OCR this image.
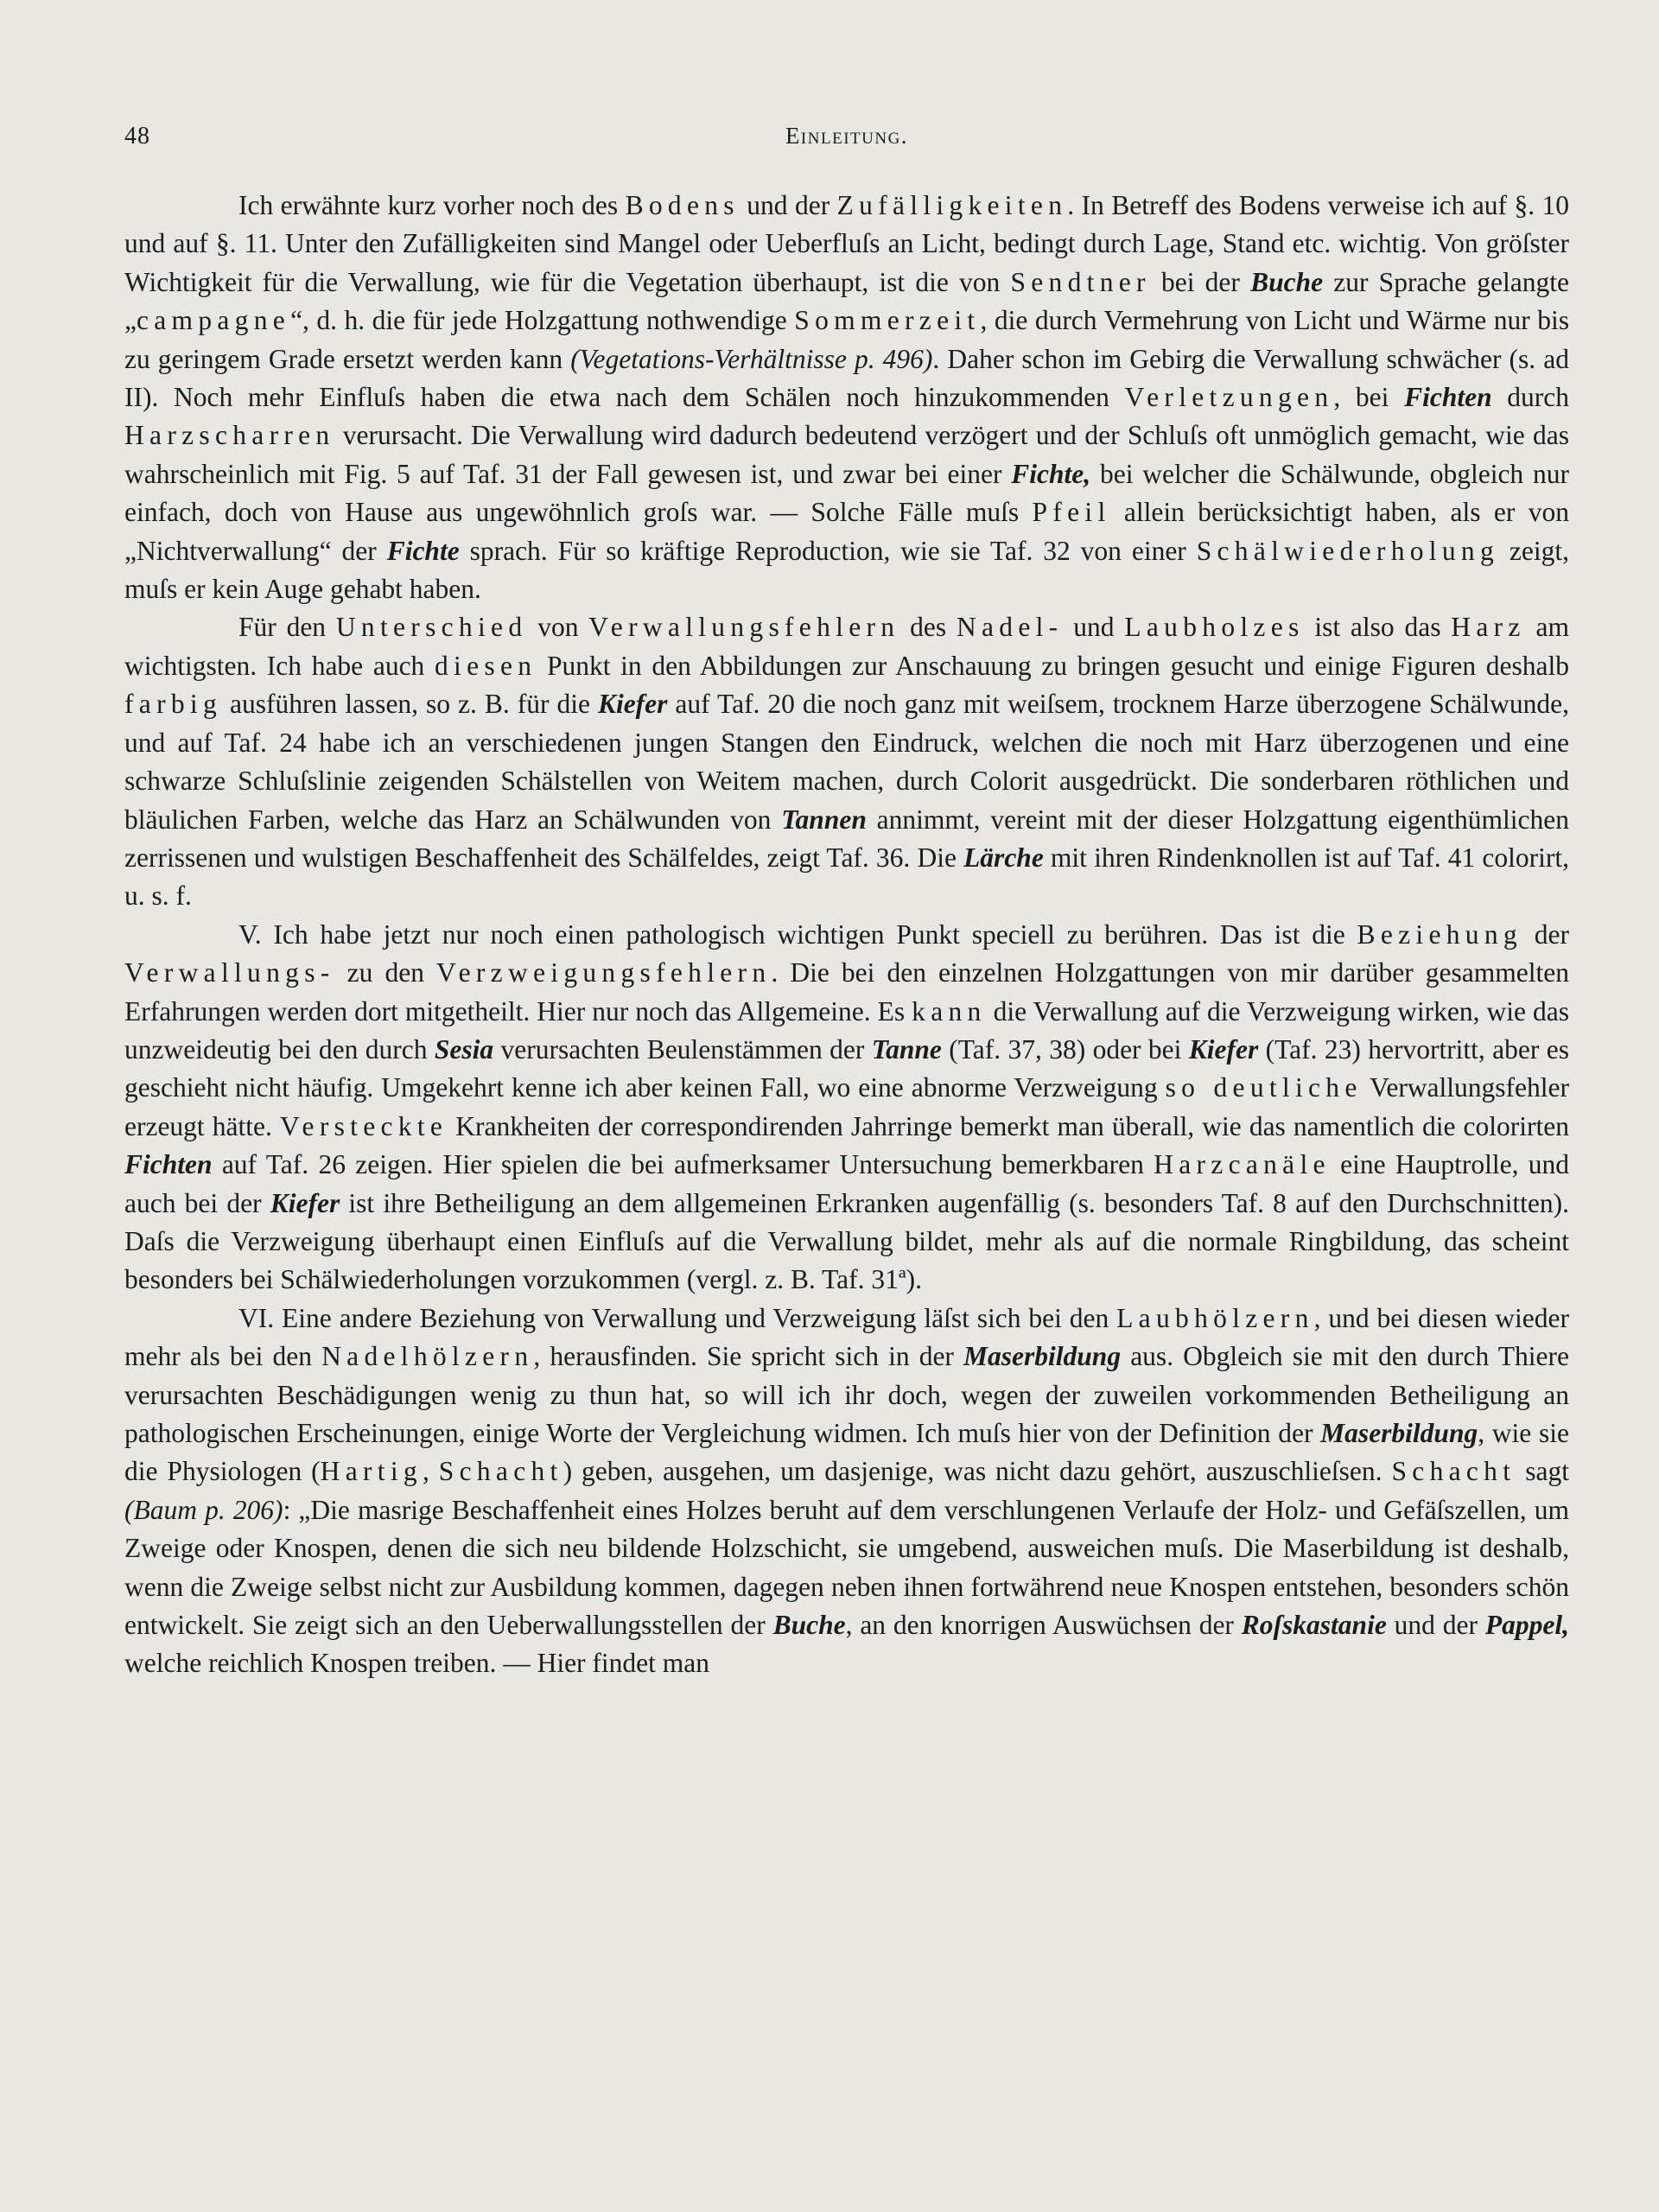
48	Einleitung.

Ich erwähnte kurz vorher noch des Bodens und der Zufälligkeiten. In Betreff des Bodens verweise ich auf §. 10 und auf §. 11. Unter den Zufälligkeiten sind Mangel oder Ueberfluſs an Licht, bedingt durch Lage, Stand etc. wichtig. Von gröſster Wichtigkeit für die Verwallung, wie für die Vegetation überhaupt, ist die von Sendtner bei der Buche zur Sprache gelangte „campagne“, d. h. die für jede Holzgattung nothwendige Sommerzeit, die durch Vermehrung von Licht und Wärme nur bis zu geringem Grade ersetzt werden kann (Vegetations-Verhältnisse p. 496). Daher schon im Gebirg die Verwallung schwächer (s. ad II). Noch mehr Einfluſs haben die etwa nach dem Schälen noch hinzukommenden Verletzungen, bei Fichten durch Harzscharren verursacht. Die Verwallung wird dadurch bedeutend verzögert und der Schluſs oft unmöglich gemacht, wie das wahrscheinlich mit Fig. 5 auf Taf. 31 der Fall gewesen ist, und zwar bei einer Fichte, bei welcher die Schälwunde, obgleich nur einfach, doch von Hause aus ungewöhnlich groſs war. — Solche Fälle muſs Pfeil allein berücksichtigt haben, als er von „Nichtverwallung“ der Fichte sprach. Für so kräftige Reproduction, wie sie Taf. 32 von einer Schälwiederholung zeigt, muſs er kein Auge gehabt haben.

Für den Unterschied von Verwallungsfehlern des Nadel- und Laubholzes ist also das Harz am wichtigsten. Ich habe auch diesen Punkt in den Abbildungen zur Anschauung zu bringen gesucht und einige Figuren deshalb farbig ausführen lassen, so z. B. für die Kiefer auf Taf. 20 die noch ganz mit weiſsem, trocknem Harze überzogene Schälwunde, und auf Taf. 24 habe ich an verschiedenen jungen Stangen den Eindruck, welchen die noch mit Harz überzogenen und eine schwarze Schluſslinie zeigenden Schälstellen von Weitem machen, durch Colorit ausgedrückt. Die sonderbaren röthlichen und bläulichen Farben, welche das Harz an Schälwunden von Tannen annimmt, vereint mit der dieser Holzgattung eigenthümlichen zerrissenen und wulstigen Beschaffenheit des Schälfeldes, zeigt Taf. 36. Die Lärche mit ihren Rindenknollen ist auf Taf. 41 colorirt, u. s. f.

V. Ich habe jetzt nur noch einen pathologisch wichtigen Punkt speciell zu berühren. Das ist die Beziehung der Verwallungs- zu den Verzweigungsfehlern. Die bei den einzelnen Holzgattungen von mir darüber gesammelten Erfahrungen werden dort mitgetheilt. Hier nur noch das Allgemeine. Es kann die Verwallung auf die Verzweigung wirken, wie das unzweideutig bei den durch Sesia verursachten Beulenstämmen der Tanne (Taf. 37, 38) oder bei Kiefer (Taf. 23) hervortritt, aber es geschieht nicht häufig. Umgekehrt kenne ich aber keinen Fall, wo eine abnorme Verzweigung so deutliche Verwallungsfehler erzeugt hätte. Versteckte Krankheiten der correspondirenden Jahrringe bemerkt man überall, wie das namentlich die colorirten Fichten auf Taf. 26 zeigen. Hier spielen die bei aufmerksamer Untersuchung bemerkbaren Harzcanäle eine Hauptrolle, und auch bei der Kiefer ist ihre Betheiligung an dem allgemeinen Erkranken augenfällig (s. besonders Taf. 8 auf den Durchschnitten). Daſs die Verzweigung überhaupt einen Einfluſs auf die Verwallung bildet, mehr als auf die normale Ringbildung, das scheint besonders bei Schälwiederholungen vorzukommen (vergl. z. B. Taf. 31ª).

VI. Eine andere Beziehung von Verwallung und Verzweigung läſst sich bei den Laubhölzern, und bei diesen wieder mehr als bei den Nadelhölzern, herausfinden. Sie spricht sich in der Maserbildung aus. Obgleich sie mit den durch Thiere verursachten Beschädigungen wenig zu thun hat, so will ich ihr doch, wegen der zuweilen vorkommenden Betheiligung an pathologischen Erscheinungen, einige Worte der Vergleichung widmen. Ich muſs hier von der Definition der Maserbildung, wie sie die Physiologen (Hartig, Schacht) geben, ausgehen, um dasjenige, was nicht dazu gehört, auszuschlieſsen. Schacht sagt (Baum p. 206): „Die masrige Beschaffenheit eines Holzes beruht auf dem verschlungenen Verlaufe der Holz- und Gefäſszellen, um Zweige oder Knospen, denen die sich neu bildende Holzschicht, sie umgebend, ausweichen muſs. Die Maserbildung ist deshalb, wenn die Zweige selbst nicht zur Ausbildung kommen, dagegen neben ihnen fortwährend neue Knospen entstehen, besonders schön entwickelt. Sie zeigt sich an den Ueberwallungsstellen der Buche, an den knorrigen Auswüchsen der Roſskastanie und der Pappel, welche reichlich Knospen treiben. — Hier findet man
